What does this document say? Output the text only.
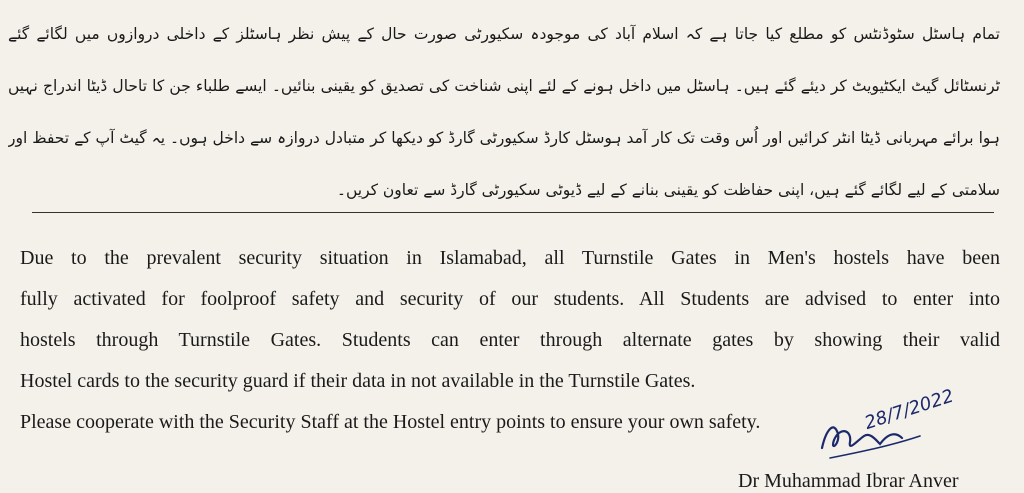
تمام ہاسٹل سٹوڈنٹس کو مطلع کیا جاتا ہے کہ اسلام آباد کی موجودہ سکیورٹی صورت حال کے پیش نظر ہاسٹلز کے داخلی دروازوں میں لگائے گئے
ٹرنسٹائل گیٹ ایکٹیویٹ کر دیئے گئے ہیں۔ ہاسٹل میں داخل ہونے کے لئے اپنی شناخت کی تصدیق کو یقینی بنائیں۔ ایسے طلباء جن کا تاحال ڈیٹا اندراج نہیں
ہوا برائے مہربانی ڈیٹا انٹر کرائیں اور اُس وقت تک کار آمد ہوسٹل کارڈ سکیورٹی گارڈ کو دیکھا کر متبادل دروازہ سے داخل ہوں۔ یہ گیٹ آپ کے تحفظ اور
سلامتی کے لیے لگائے گئے ہیں، اپنی حفاظت کو یقینی بنانے کے لیے ڈیوٹی سکیورٹی گارڈ سے تعاون کریں۔
Due to the prevalent security situation in Islamabad, all Turnstile Gates in Men's hostels have been
fully activated for foolproof safety and security of our students. All Students are advised to enter into
hostels through Turnstile Gates. Students can enter through alternate gates by showing their valid
Hostel cards to the security guard if their data in not available in the Turnstile Gates.
Please cooperate with the Security Staff at the Hostel entry points to ensure your own safety.	28/7/2022
Dr Muhammad Ibrar Anver
